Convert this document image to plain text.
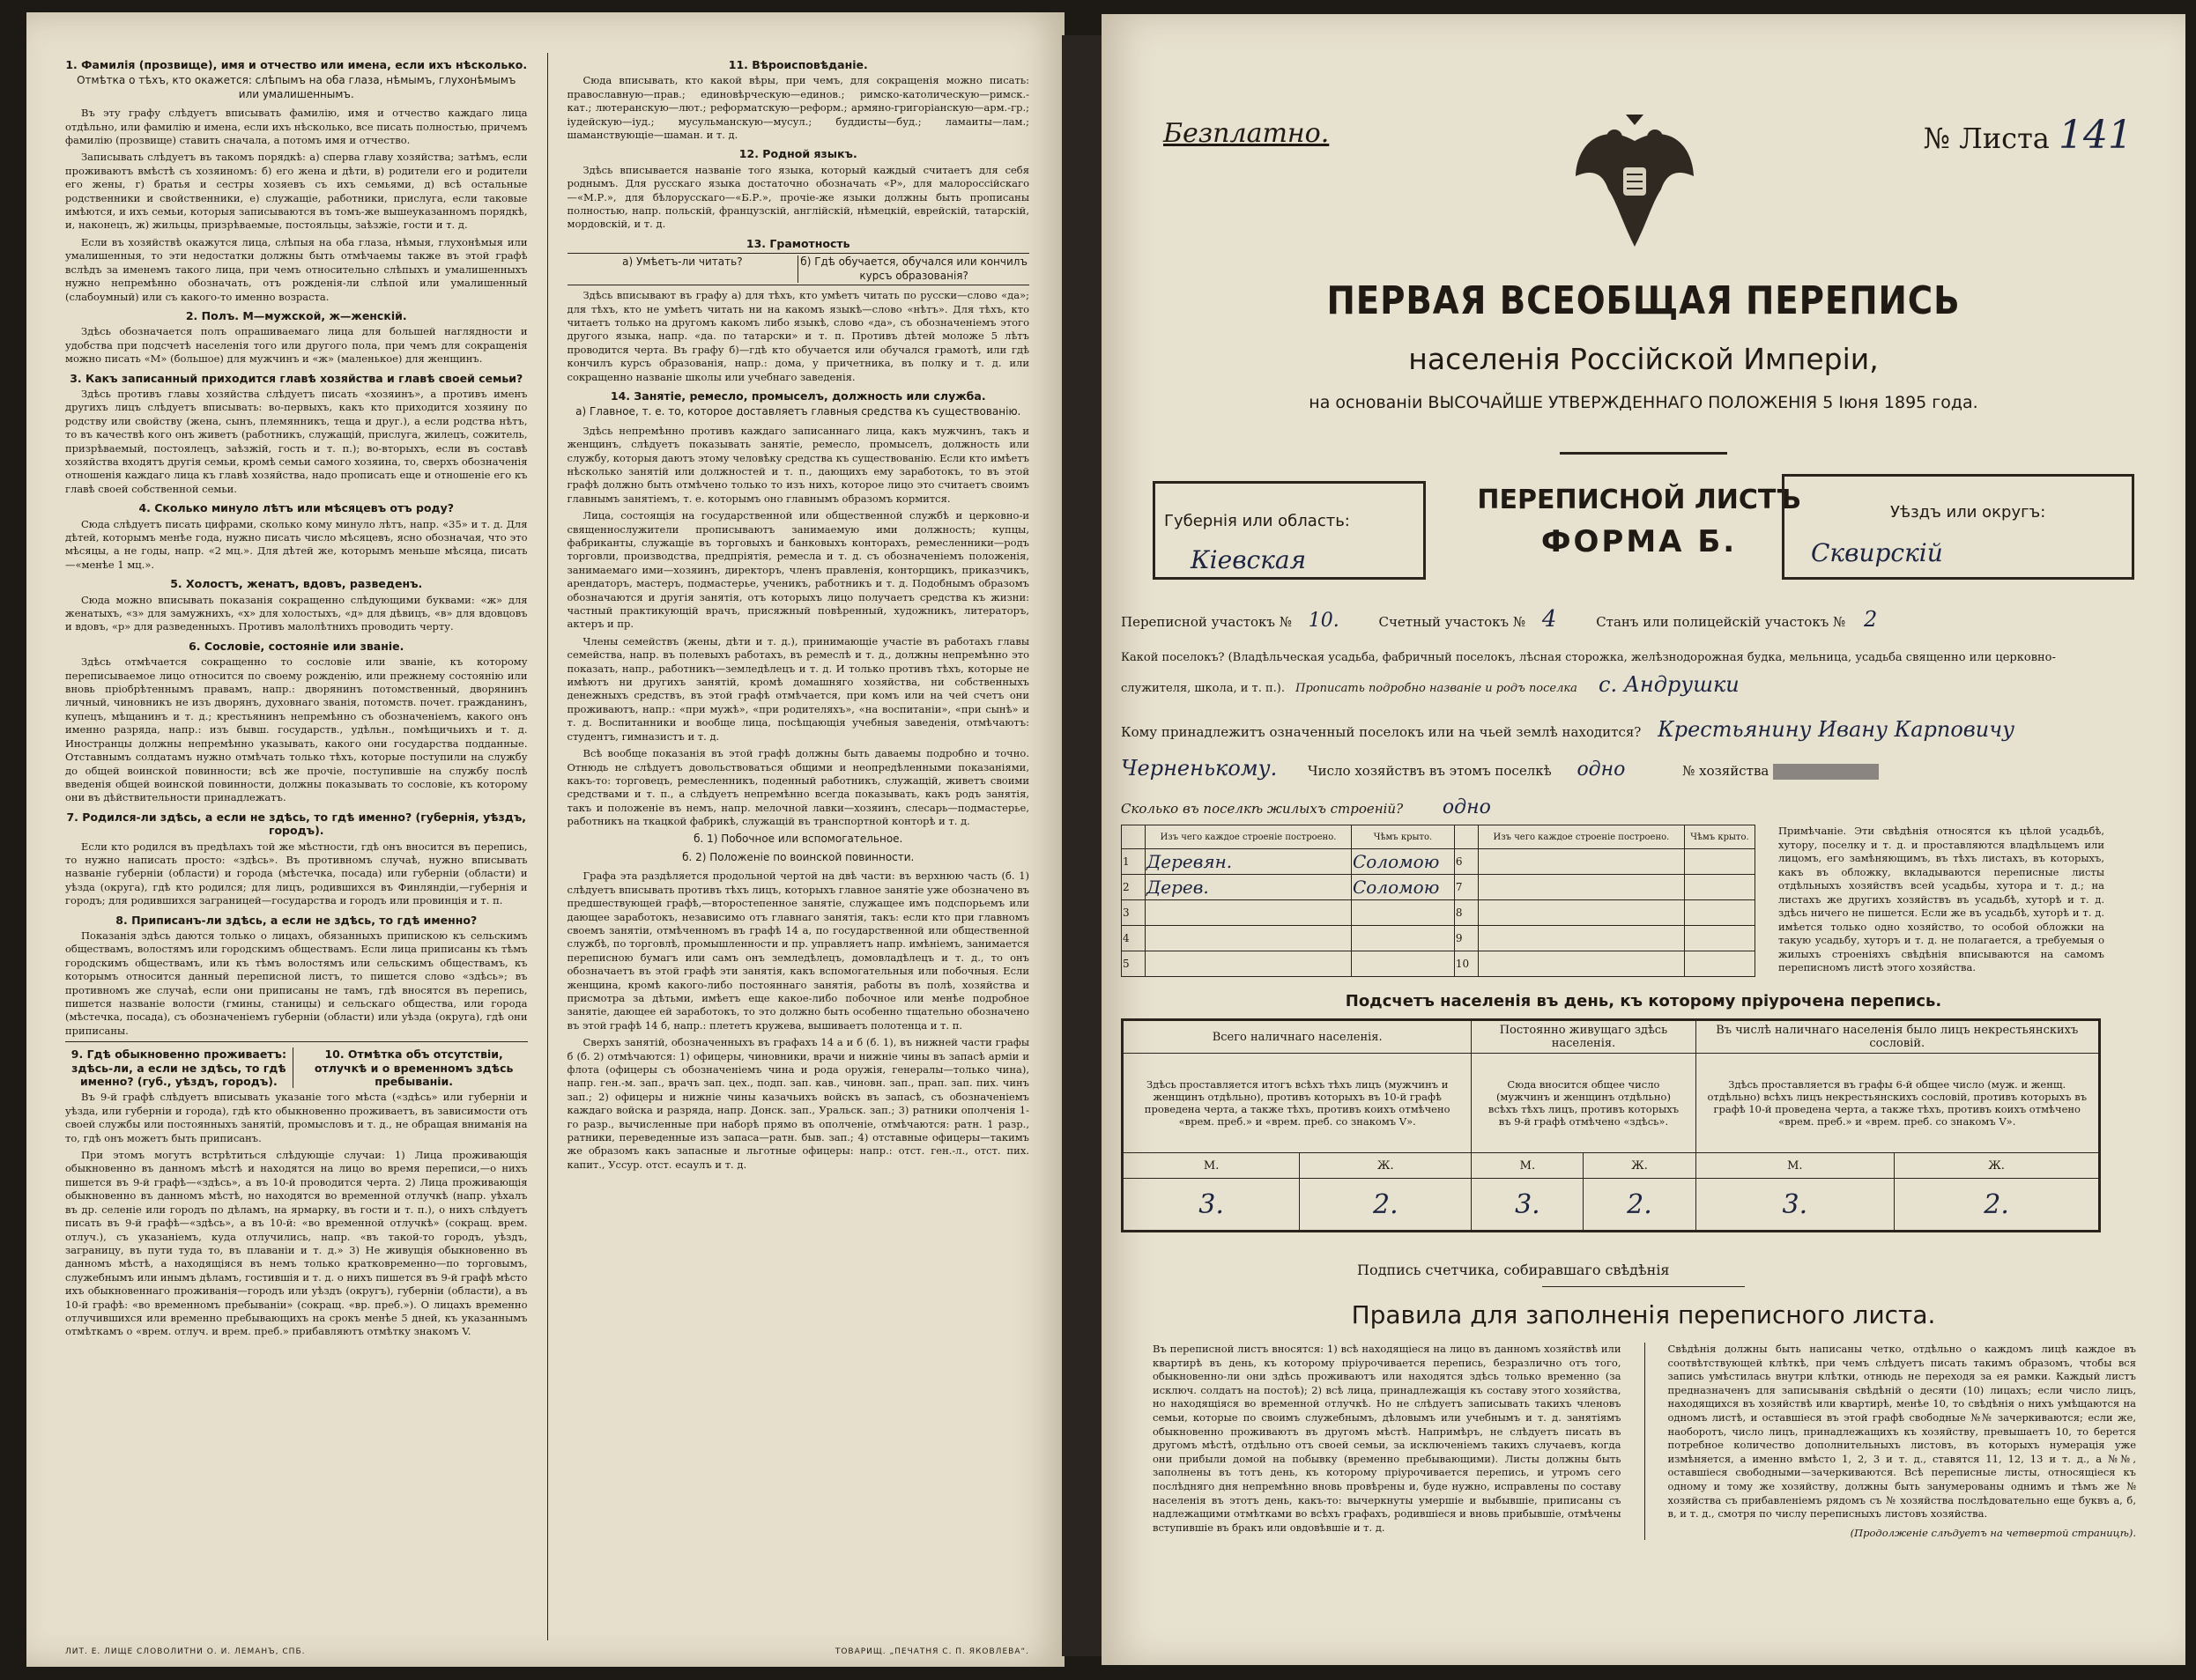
1. Фамилія (прозвище), имя и отчество или имена, если ихъ нѣсколько.
Отмѣтка о тѣхъ, кто окажется: слѣпымъ на оба глаза, нѣмымъ, глухонѣмымъ или умалишеннымъ.

Въ эту графу слѣдуетъ вписывать фамилію, имя и отчество каждаго лица отдѣльно, или фамилію и имена, если ихъ нѣсколько, все писать полностью, причемъ фамилію (прозвище) ставить сначала, а потомъ имя и отчество.

Записывать слѣдуетъ въ такомъ порядкѣ: а) сперва главу хозяйства; затѣмъ, если проживаютъ вмѣстѣ съ хозяиномъ: б) его жена и дѣти, в) родители его и родители его жены, г) братья и сестры хозяевъ съ ихъ семьями, д) всѣ остальные родственники и свойственники, е) служащіе, работники, прислуга, если таковые имѣются, и ихъ семьи, которыя записываются въ томъ-же вышеуказанномъ порядкѣ, и, наконецъ, ж) жильцы, призрѣваемые, постояльцы, заѣзжіе, гости и т. д.

Если въ хозяйствѣ окажутся лица, слѣпыя на оба глаза, нѣмыя, глухонѣмыя или умалишенныя, то эти недостатки должны быть отмѣчаемы также въ этой графѣ вслѣдъ за именемъ такого лица, при чемъ относительно слѣпыхъ и умалишенныхъ нужно непремѣнно обозначать, отъ рожденія-ли слѣпой или умалишенный (слабоумный) или съ какого-то именно возраста.

2. Полъ. М—мужской, ж—женскій.

Здѣсь обозначается полъ опрашиваемаго лица для большей наглядности и удобства при подсчетѣ населенія того или другого пола, при чемъ для сокращенія можно писать «М» (большое) для мужчинъ и «ж» (маленькое) для женщинъ.

3. Какъ записанный приходится главѣ хозяйства и главѣ своей семьи?

Здѣсь противъ главы хозяйства слѣдуетъ писать «хозяинъ», а противъ именъ другихъ лицъ слѣдуетъ вписывать: во-первыхъ, какъ кто приходится хозяину по родству или свойству (жена, сынъ, племянникъ, теща и друг.), а если родства нѣтъ, то въ качествѣ кого онъ живетъ (работникъ, служащій, прислуга, жилецъ, сожитель, призрѣваемый, постоялецъ, заѣзжій, гость и т. п.); во-вторыхъ, если въ составѣ хозяйства входятъ другія семьи, кромѣ семьи самого хозяина, то, сверхъ обозначенія отношенія каждаго лица къ главѣ хозяйства, надо прописать еще и отношеніе его къ главѣ своей собственной семьи.

4. Сколько минуло лѣтъ или мѣсяцевъ отъ роду?

Сюда слѣдуетъ писать цифрами, сколько кому минуло лѣтъ, напр. «35» и т. д. Для дѣтей, которымъ менѣе года, нужно писать число мѣсяцевъ, ясно обозначая, что это мѣсяцы, а не годы, напр. «2 мц.». Для дѣтей же, которымъ меньше мѣсяца, писать—«менѣе 1 мц.».

5. Холостъ, женатъ, вдовъ, разведенъ.

Сюда можно вписывать показанія сокращенно слѣдующими буквами: «ж» для женатыхъ, «з» для замужнихъ, «х» для холостыхъ, «д» для дѣвицъ, «в» для вдовцовъ и вдовъ, «р» для разведенныхъ. Противъ малолѣтнихъ проводить черту.

6. Сословіе, состояніе или званіе.

Здѣсь отмѣчается сокращенно то сословіе или званіе, къ которому переписываемое лицо относится по своему рожденію, или прежнему состоянію или вновь пріобрѣтеннымъ правамъ, напр.: дворянинъ потомственный, дворянинъ личный, чиновникъ не изъ дворянъ, духовнаго званія, потомств. почет. гражданинъ, купецъ, мѣщанинъ и т. д.; крестьянинъ непремѣнно съ обозначеніемъ, какого онъ именно разряда, напр.: изъ бывш. государств., удѣльн., помѣщичьихъ и т. д. Иностранцы должны непремѣнно указывать, какого они государства подданные. Отставнымъ солдатамъ нужно отмѣчать только тѣхъ, которые поступили на службу до общей воинской повинности; всѣ же прочіе, поступившіе на службу послѣ введенія общей воинской повинности, должны показывать то сословіе, къ которому они въ дѣйствительности принадлежатъ.

7. Родился-ли здѣсь, а если не здѣсь, то гдѣ именно? (губернія, уѣздъ, городъ).

Если кто родился въ предѣлахъ той же мѣстности, гдѣ онъ вносится въ перепись, то нужно написать просто: «здѣсь». Въ противномъ случаѣ, нужно вписывать названіе губерніи (области) и города (мѣстечка, посада) или губерніи (области) и уѣзда (округа), гдѣ кто родился; для лицъ, родившихся въ Финляндіи,—губернія и городъ; для родившихся заграницей—государства и городъ или провинція и т. п.

8. Приписанъ-ли здѣсь, а если не здѣсь, то гдѣ именно?

Показанія здѣсь даются только о лицахъ, обязанныхъ припискою къ сельскимъ обществамъ, волостямъ или городскимъ обществамъ. Если лица приписаны къ тѣмъ городскимъ обществамъ, или къ тѣмъ волостямъ или сельскимъ обществамъ, къ которымъ относится данный переписной листъ, то пишется слово «здѣсь»; въ противномъ же случаѣ, если они приписаны не тамъ, гдѣ вносятся въ перепись, пишется названіе волости (гмины, станицы) и сельскаго общества, или города (мѣстечка, посада), съ обозначеніемъ губерніи (области) или уѣзда (округа), гдѣ они приписаны.

9. Гдѣ обыкновенно проживаетъ: здѣсь-ли, а если не здѣсь, то гдѣ именно? (губ., уѣздъ, городъ).
10. Отмѣтка объ отсутствіи, отлучкѣ и о временномъ здѣсь пребываніи.

Въ 9-й графѣ слѣдуетъ вписывать указаніе того мѣста («здѣсь» или губерніи и уѣзда, или губерніи и города), гдѣ кто обыкновенно проживаетъ, въ зависимости отъ своей службы или постоянныхъ занятій, промысловъ и т. д., не обращая вниманія на то, гдѣ онъ можетъ быть приписанъ.

При этомъ могутъ встрѣтиться слѣдующіе случаи: 1) Лица проживающія обыкновенно въ данномъ мѣстѣ и находятся на лицо во время переписи,—о нихъ пишется въ 9-й графѣ—«здѣсь», а въ 10-й проводится черта. 2) Лица проживающія обыкновенно въ данномъ мѣстѣ, но находятся во временной отлучкѣ (напр. уѣхалъ въ др. селеніе или городъ по дѣламъ, на ярмарку, въ гости и т. п.), о нихъ слѣдуетъ писать въ 9-й графѣ—«здѣсь», а въ 10-й: «во временной отлучкѣ» (сокращ. врем. отлуч.), съ указаніемъ, куда отлучились, напр. «въ такой-то городъ, уѣздъ, заграницу, въ пути туда то, въ плаваніи и т. д.» 3) Не живущія обыкновенно въ данномъ мѣстѣ, а находящіяся въ немъ только кратковременно—по торговымъ, служебнымъ или инымъ дѣламъ, гостившія и т. д. о нихъ пишется въ 9-й графѣ мѣсто ихъ обыкновеннаго проживанія—городъ или уѣздъ (округъ), губерніи (области), а въ 10-й графѣ: «во временномъ пребываніи» (сокращ. «вр. преб.»). О лицахъ временно отлучившихся или временно пребывающихъ на срокъ менѣе 5 дней, къ указаннымъ отмѣткамъ о «врем. отлуч. и врем. преб.» прибавляютъ отмѣтку знакомъ V.

11. Вѣроисповѣданіе.

Сюда вписывать, кто какой вѣры, при чемъ, для сокращенія можно писать: православную—прав.; единовѣрческую—единов.; римско-католическую—римск.-кат.; лютеранскую—лют.; реформатскую—реформ.; армяно-григоріанскую—арм.-гр.; іудейскую—іуд.; мусульманскую—мусул.; буддисты—буд.; ламаиты—лам.; шаманствующіе—шаман. и т. д.

12. Родной языкъ.

Здѣсь вписывается названіе того языка, который каждый считаетъ для себя роднымъ. Для русскаго языка достаточно обозначать «Р», для малороссійскаго—«М.Р.», для бѣлорусскаго—«Б.Р.», прочіе-же языки должны быть прописаны полностью, напр. польскій, французскій, англійскій, нѣмецкій, еврейскій, татарскій, мордовскій, и т. д.

13. Грамотность
а) Умѣетъ-ли читать?	б) Гдѣ обучается, обучался или кончилъ курсъ образованія?

Здѣсь вписывают въ графу а) для тѣхъ, кто умѣетъ читать по русски—слово «да»; для тѣхъ, кто не умѣетъ читать ни на какомъ языкѣ—слово «нѣтъ». Для тѣхъ, кто читаетъ только на другомъ какомъ либо языкѣ, слово «да», съ обозначеніемъ этого другого языка, напр. «да. по татарски» и т. п. Противъ дѣтей моложе 5 лѣтъ проводится черта. Въ графу б)—гдѣ кто обучается или обучался грамотѣ, или гдѣ кончилъ курсъ образованія, напр.: дома, у причетника, въ полку и т. д. или сокращенно названіе школы или учебнаго заведенія.

14. Занятіе, ремесло, промыселъ, должность или служба.
а) Главное, т. е. то, которое доставляетъ главныя средства къ существованію.

Здѣсь непремѣнно противъ каждаго записаннаго лица, какъ мужчинъ, такъ и женщинъ, слѣдуетъ показывать занятіе, ремесло, промыселъ, должность или службу, которыя даютъ этому человѣку средства къ существованію. Если кто имѣетъ нѣсколько занятій или должностей и т. п., дающихъ ему заработокъ, то въ этой графѣ должно быть отмѣчено только то изъ нихъ, которое лицо это считаетъ своимъ главнымъ занятіемъ, т. е. которымъ оно главнымъ образомъ кормится.

Лица, состоящія на государственной или общественной службѣ и церковно-и священнослужители прописываютъ занимаемую ими должность; купцы, фабриканты, служащіе въ торговыхъ и банковыхъ конторахъ, ремесленники—родъ торговли, производства, предпріятія, ремесла и т. д. съ обозначеніемъ положенія, занимаемаго ими—хозяинъ, директоръ, членъ правленія, конторщикъ, приказчикъ, арендаторъ, мастеръ, подмастерье, ученикъ, работникъ и т. д. Подобнымъ образомъ обозначаются и другія занятія, отъ которыхъ лицо получаетъ средства къ жизни: частный практикующій врачъ, присяжный повѣренный, художникъ, литераторъ, актеръ и пр.

Члены семействъ (жены, дѣти и т. д.), принимающіе участіе въ работахъ главы семейства, напр. въ полевыхъ работахъ, въ ремеслѣ и т. д., должны непремѣнно это показать, напр., работникъ—земледѣлецъ и т. д. И только противъ тѣхъ, которые не имѣютъ ни другихъ занятій, кромѣ домашняго хозяйства, ни собственныхъ денежныхъ средствъ, въ этой графѣ отмѣчается, при комъ или на чей счетъ они проживаютъ, напр.: «при мужѣ», «при родителяхъ», «на воспитаніи», «при сынѣ» и т. д. Воспитанники и вообще лица, посѣщающія учебныя заведенія, отмѣчаютъ: студентъ, гимназистъ и т. д.

Всѣ вообще показанія въ этой графѣ должны быть даваемы подробно и точно. Отнюдь не слѣдуетъ довольствоваться общими и неопредѣленными показаніями, какъ-то: торговецъ, ремесленникъ, поденный работникъ, служащій, живетъ своими средствами и т. п., а слѣдуетъ непремѣнно всегда показывать, какъ родъ занятія, такъ и положеніе въ немъ, напр. мелочной лавки—хозяинъ, слесарь—подмастерье, работникъ на ткацкой фабрикѣ, служащій въ транспортной конторѣ и т. д.

б. 1) Побочное или вспомогательное.
б. 2) Положеніе по воинской повинности.

Графа эта раздѣляется продольной чертой на двѣ части: въ верхнюю часть (б. 1) слѣдуетъ вписывать противъ тѣхъ лицъ, которыхъ главное занятіе уже обозначено въ предшествующей графѣ,—второстепенное занятіе, служащее имъ подспорьемъ или дающее заработокъ, независимо отъ главнаго занятія, такъ: если кто при главномъ своемъ занятіи, отмѣченномъ въ графѣ 14 а, по государственной или общественной службѣ, по торговлѣ, промышленности и пр. управляетъ напр. имѣніемъ, занимается переписною бумагъ или самъ онъ земледѣлецъ, домовладѣлецъ и т. д., то онъ обозначаетъ въ этой графѣ эти занятія, какъ вспомогательныя или побочныя. Если женщина, кромѣ какого-либо постояннаго занятія, работы въ полѣ, хозяйства и присмотра за дѣтьми, имѣетъ еще какое-либо побочное или менѣе подробное занятіе, дающее ей заработокъ, то это должно быть особенно тщательно обозначено въ этой графѣ 14 б, напр.: плететъ кружева, вышиваетъ полотенца и т. п.

Сверхъ занятій, обозначенныхъ въ графахъ 14 а и б (б. 1), въ нижней части графы б (б. 2) отмѣчаются: 1) офицеры, чиновники, врачи и нижніе чины въ запасѣ арміи и флота (офицеры съ обозначеніемъ чина и рода оружія, генералы—только чина), напр. ген.-м. зап., врачъ зап. цех., подп. зап. кав., чиновн. зап., прап. зап. пих. чинъ зап.; 2) офицеры и нижніе чины казачьихъ войскъ въ запасѣ, съ обозначеніемъ каждаго войска и разряда, напр. Донск. зап., Уральск. зап.; 3) ратники ополченія 1-го разр., вычисленные при наборѣ прямо въ ополченіе, отмѣчаются: ратн. 1 разр., ратники, переведенные изъ запаса—ратн. быв. зап.; 4) отставные офицеры—такимъ же образомъ какъ запасные и льготные офицеры: напр.: отст. ген.-л., отст. пих. капит., Уссур. отст. есаулъ и т. д.

ЛИТ. Е. ЛИЩЕ СЛОВОЛИТНИ О. И. ЛЕМАНЪ, СПБ.	ТОВАРИЩ. „ПЕЧАТНЯ С. П. ЯКОВЛЕВА“.
Безплатно.	№ Листа 141
ПЕРВАЯ ВСЕОБЩАЯ ПЕРЕПИСЬ
населенія Россійской Имперіи,
на основаніи ВЫСОЧАЙШЕ УТВЕРЖДЕННАГО ПОЛОЖЕНІЯ 5 Іюня 1895 года.
Губернія или область:
Кіевская
ПЕРЕПИСНОЙ ЛИСТЪ
ФОРМА Б.
Уѣздъ или округъ:
Сквирскій
Переписной участокъ № 10.	Счетный участокъ № 4	Станъ или полицейскій участокъ № 2
Какой поселокъ? (Владѣльческая усадьба, фабричный поселокъ, лѣсная сторожка, желѣзнодорожная будка, мельница, усадьба священно или церковно-служителя, школа, и т. п.). Прописать подробно названіе и родъ поселка с. Андрушки
Кому принадлежитъ означенный поселокъ или на чьей землѣ находится? Крестьянину Ивану Карповичу
Черненькому. Число хозяйствъ въ этомъ поселкѣ одно	№ хозяйства
Сколько въ поселкѣ жилыхъ строеній? одно
	Изъ чего каждое строеніе построено.	Чѣмъ крыто.		Изъ чего каждое строеніе построено.	Чѣмъ крыто.
1	Деревян.	Соломою	6		
2	Дерев.	Соломою	7		
3			8		
4			9		
5			10		
Примѣчаніе. Эти свѣдѣнія относятся къ цѣлой усадьбѣ, хутору, поселку и т. д. и проставляются владѣльцемъ или лицомъ, его замѣняющимъ, въ тѣхъ листахъ, въ которыхъ, какъ въ обложку, вкладываются переписные листы отдѣльныхъ хозяйствъ всей усадьбы, хутора и т. д.; на листахъ же другихъ хозяйствъ въ усадьбѣ, хуторѣ и т. д. здѣсь ничего не пишется. Если же въ усадьбѣ, хуторѣ и т. д. имѣется только одно хозяйство, то особой обложки на такую усадьбу, хуторъ и т. д. не полагается, а требуемыя о жилыхъ строеніяхъ свѣдѣнія вписываются на самомъ переписномъ листѣ этого хозяйства.
Подсчетъ населенія въ день, къ которому пріурочена перепись.
Всего наличнаго населенія.		Постоянно живущаго здѣсь населенія.		Въ числѣ наличнаго населенія было лицъ некрестьянскихъ сословій.	
Здѣсь проставляется итогъ всѣхъ тѣхъ лицъ (мужчинъ и женщинъ отдѣльно), противъ которыхъ въ 10-й графѣ проведена черта, а также тѣхъ, противъ коихъ отмѣчено «врем. преб.» и «врем. преб. со знакомъ V».		Сюда вносится общее число (мужчинъ и женщинъ отдѣльно) всѣхъ тѣхъ лицъ, противъ которыхъ въ 9-й графѣ отмѣчено «здѣсь».		Здѣсь проставляется въ графы 6-й общее число (муж. и женщ. отдѣльно) всѣхъ лицъ некрестьянскихъ сословій, противъ которыхъ въ графѣ 10-й проведена черта, а также тѣхъ, противъ коихъ отмѣчено «врем. преб.» и «врем. преб. со знакомъ V».	
М.	Ж.	М.	Ж.	М.	Ж.
3.	2.	3.	2.	3.	2.
Подпись счетчика, собиравшаго свѣдѣнія
Правила для заполненія переписного листа.
Въ переписной листъ вносятся: 1) всѣ находящіеся на лицо въ данномъ хозяйствѣ или квартирѣ въ день, къ которому пріурочивается перепись, безразлично отъ того, обыкновенно-ли они здѣсь проживаютъ или находятся здѣсь только временно (за исключ. солдатъ на постоѣ); 2) всѣ лица, принадлежащія къ составу этого хозяйства, но находящіяся во временной отлучкѣ. Но не слѣдуетъ записывать такихъ членовъ семьи, которые по своимъ служебнымъ, дѣловымъ или учебнымъ и т. д. занятіямъ обыкновенно проживаютъ въ другомъ мѣстѣ. Напримѣръ, не слѣдуетъ писать въ другомъ мѣстѣ, отдѣльно отъ своей семьи, за исключеніемъ такихъ случаевъ, когда они прибыли домой на побывку (временно пребывающими). Листы должны быть заполнены въ тотъ день, къ которому пріурочивается перепись, и утромъ сего послѣдняго дня непремѣнно вновь провѣрены и, буде нужно, исправлены по составу населенія въ этотъ день, какъ-то: вычеркнуты умершіе и выбывшіе, приписаны съ надлежащими отмѣтками во всѣхъ графахъ, родившіеся и вновь прибывшіе, отмѣчены вступившіе въ бракъ или овдовѣвшіе и т. д.
Свѣдѣнія должны быть написаны четко, отдѣльно о каждомъ лицѣ каждое въ соотвѣтствующей клѣткѣ, при чемъ слѣдуетъ писать такимъ образомъ, чтобы вся запись умѣстилась внутри клѣтки, отнюдь не переходя за ея рамки. Каждый листъ предназначенъ для записыванія свѣдѣній о десяти (10) лицахъ; если число лицъ, находящихся въ хозяйствѣ или квартирѣ, менѣе 10, то свѣдѣнія о нихъ умѣщаются на одномъ листѣ, и оставшіеся въ этой графѣ свободные №№ зачеркиваются; если же, наоборотъ, число лицъ, принадлежащихъ къ хозяйству, превышаетъ 10, то берется потребное количество дополнительныхъ листовъ, въ которыхъ нумерація уже измѣняется, а именно вмѣсто 1, 2, 3 и т. д., ставятся 11, 12, 13 и т. д., а №№, оставшіеся свободными—зачеркиваются. Всѣ переписные листы, относящіеся къ одному и тому же хозяйству, должны быть занумерованы однимъ и тѣмъ же № хозяйства съ прибавленіемъ рядомъ съ № хозяйства послѣдовательно еще буквъ а, б, в, и т. д., смотря по числу переписныхъ листовъ хозяйства.
(Продолженіе слѣдуетъ на четвертой страницѣ).
